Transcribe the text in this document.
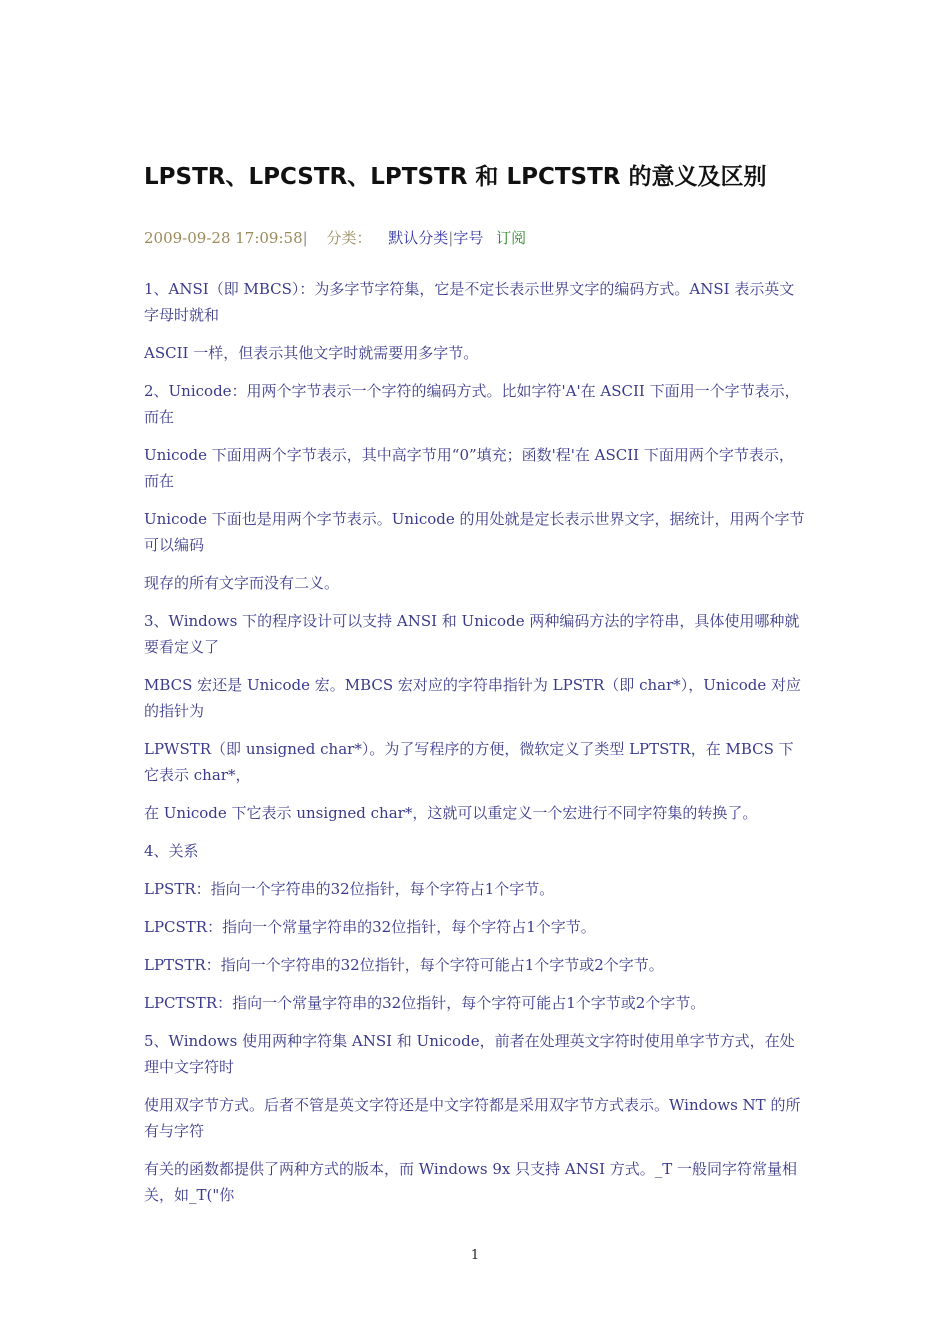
LPSTR、LPCSTR、LPTSTR 和 LPCTSTR 的意义及区别
2009-09-28 17:09:58| 分类： 默认分类|字号 订阅

1、ANSI（即 MBCS）：为多字节字符集，它是不定长表示世界文字的编码方式。ANSI 表示英文字母时就和

ASCII 一样，但表示其他文字时就需要用多字节。

2、Unicode：用两个字节表示一个字符的编码方式。比如字符'A'在 ASCII 下面用一个字节表示，而在

Unicode 下面用两个字节表示，其中高字节用“0”填充；函数'程'在 ASCII 下面用两个字节表示，而在

Unicode 下面也是用两个字节表示。Unicode 的用处就是定长表示世界文字，据统计，用两个字节可以编码

现存的所有文字而没有二义。

3、Windows 下的程序设计可以支持 ANSI 和 Unicode 两种编码方法的字符串，具体使用哪种就要看定义了

MBCS 宏还是 Unicode 宏。MBCS 宏对应的字符串指针为 LPSTR（即 char*），Unicode 对应的指针为

LPWSTR（即 unsigned char*）。为了写程序的方便，微软定义了类型 LPTSTR，在 MBCS 下它表示 char*，

在 Unicode 下它表示 unsigned char*，这就可以重定义一个宏进行不同字符集的转换了。

4、关系

LPSTR：指向一个字符串的32位指针，每个字符占1个字节。

LPCSTR：指向一个常量字符串的32位指针，每个字符占1个字节。

LPTSTR：指向一个字符串的32位指针，每个字符可能占1个字节或2个字节。

LPCTSTR：指向一个常量字符串的32位指针，每个字符可能占1个字节或2个字节。

5、Windows 使用两种字符集 ANSI 和 Unicode，前者在处理英文字符时使用单字节方式，在处理中文字符时

使用双字节方式。后者不管是英文字符还是中文字符都是采用双字节方式表示。Windows NT 的所有与字符

有关的函数都提供了两种方式的版本，而 Windows 9x 只支持 ANSI 方式。_T 一般同字符常量相关，如_T("你

1
